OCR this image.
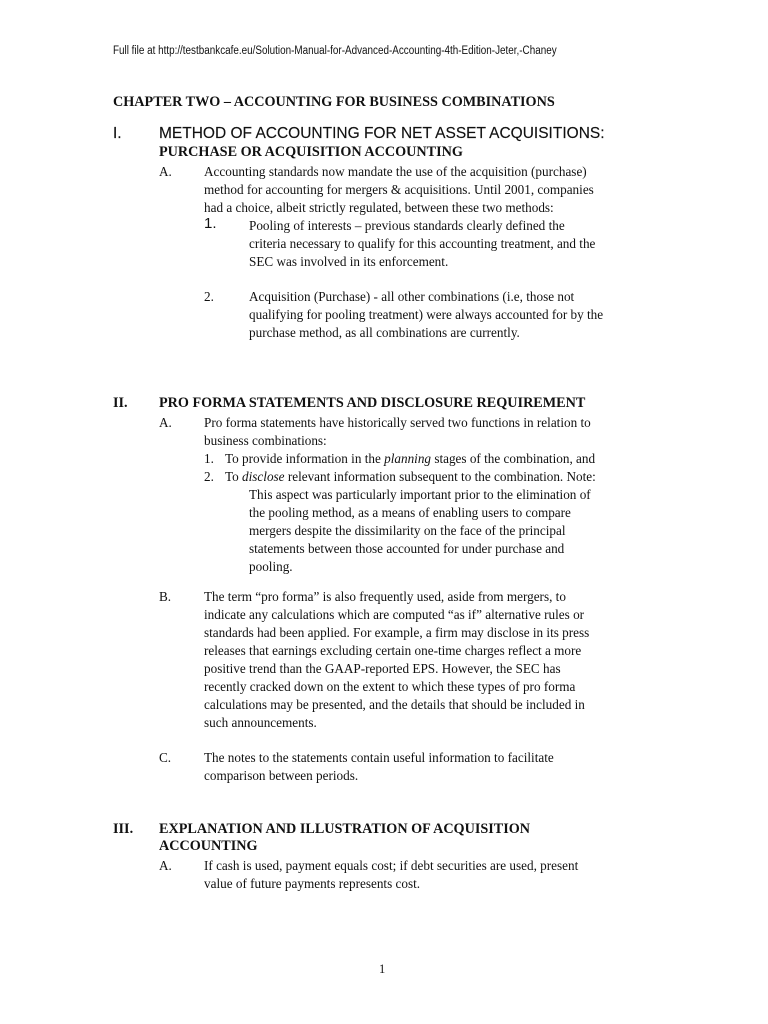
Full file at http://testbankcafe.eu/Solution-Manual-for-Advanced-Accounting-4th-Edition-Jeter,-Chaney
CHAPTER TWO – ACCOUNTING FOR BUSINESS COMBINATIONS
I. METHOD OF ACCOUNTING FOR NET ASSET ACQUISITIONS:
PURCHASE OR ACQUISITION ACCOUNTING
A. Accounting standards now mandate the use of the acquisition (purchase)
method for accounting for mergers & acquisitions. Until 2001, companies
had a choice, albeit strictly regulated, between these two methods:
1. Pooling of interests – previous standards clearly defined the
criteria necessary to qualify for this accounting treatment, and the
SEC was involved in its enforcement.
2.	Acquisition (Purchase) - all other combinations (i.e, those not
qualifying for pooling treatment) were always accounted for by the
purchase method, as all combinations are currently.
II. PRO FORMA STATEMENTS AND DISCLOSURE REQUIREMENT
A. Pro forma statements have historically served two functions in relation to
business combinations:
1. To provide information in the planning stages of the combination, and
2. To disclose relevant information subsequent to the combination. Note:
This aspect was particularly important prior to the elimination of
the pooling method, as a means of enabling users to compare
mergers despite the dissimilarity on the face of the principal
statements between those accounted for under purchase and
pooling.
B. The term “pro forma” is also frequently used, aside from mergers, to
indicate any calculations which are computed “as if” alternative rules or
standards had been applied. For example, a firm may disclose in its press
releases that earnings excluding certain one-time charges reflect a more
positive trend than the GAAP-reported EPS. However, the SEC has
recently cracked down on the extent to which these types of pro forma
calculations may be presented, and the details that should be included in
such announcements.
C. The notes to the statements contain useful information to facilitate
comparison between periods.
III. EXPLANATION AND ILLUSTRATION OF ACQUISITION
ACCOUNTING
A. If cash is used, payment equals cost; if debt securities are used, present
value of future payments represents cost.
1
